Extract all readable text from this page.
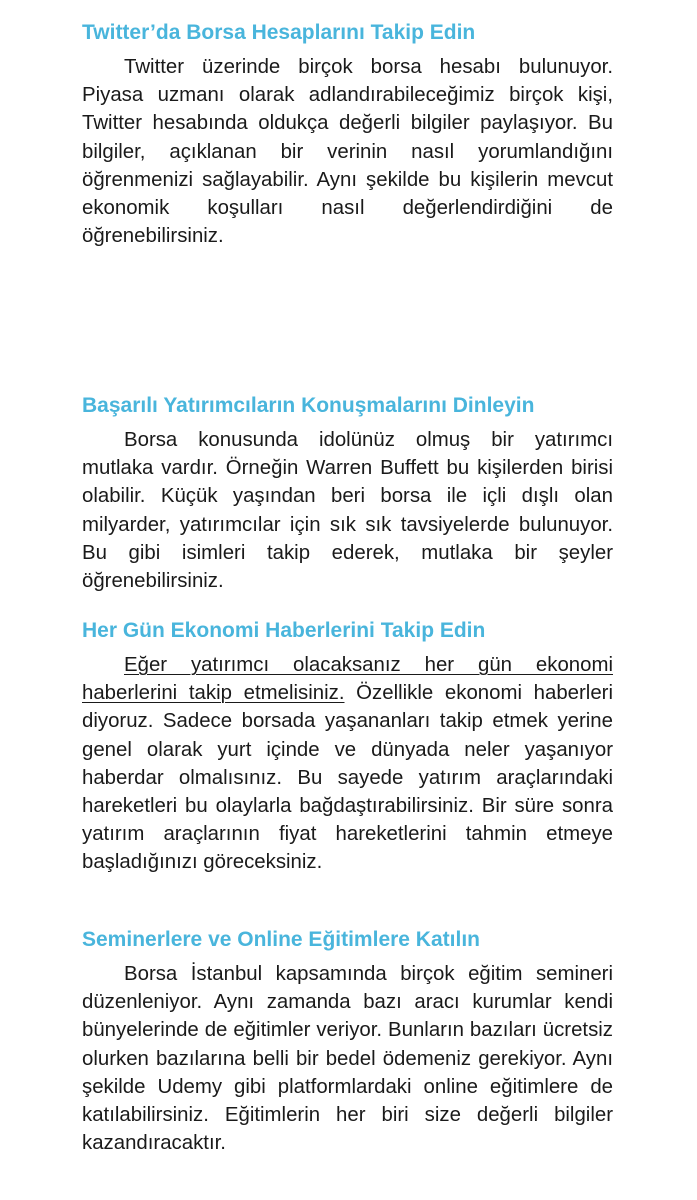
Twitter’da Borsa Hesaplarını Takip Edin

Twitter üzerinde birçok borsa hesabı bulunuyor. Piyasa uzmanı olarak adlandırabileceğimiz birçok kişi, Twitter hesabında oldukça değerli bilgiler paylaşıyor. Bu bilgiler, açıklanan bir verinin nasıl yorumlandığını öğrenmenizi sağlayabilir. Aynı şekilde bu kişilerin mevcut ekonomik koşulları nasıl değerlendirdiğini de öğrenebilirsiniz.

Başarılı Yatırımcıların Konuşmalarını Dinleyin

Borsa konusunda idolünüz olmuş bir yatırımcı mutlaka vardır. Örneğin Warren Buffett bu kişilerden birisi olabilir. Küçük yaşından beri borsa ile içli dışlı olan milyarder, yatırımcılar için sık sık tavsiyelerde bulunuyor. Bu gibi isimleri takip ederek, mutlaka bir şeyler öğrenebilirsiniz.

Her Gün Ekonomi Haberlerini Takip Edin

Eğer yatırımcı olacaksanız her gün ekonomi haberlerini takip etmelisiniz. Özellikle ekonomi haberleri diyoruz. Sadece borsada yaşananları takip etmek yerine genel olarak yurt içinde ve dünyada neler yaşanıyor haberdar olmalısınız. Bu sayede yatırım araçlarındaki hareketleri bu olaylarla bağdaştırabilirsiniz. Bir süre sonra yatırım araçlarının fiyat hareketlerini tahmin etmeye başladığınızı göreceksiniz.

Seminerlere ve Online Eğitimlere Katılın

Borsa İstanbul kapsamında birçok eğitim semineri düzenleniyor. Aynı zamanda bazı aracı kurumlar kendi bünyelerinde de eğitimler veriyor. Bunların bazıları ücretsiz olurken bazılarına belli bir bedel ödemeniz gerekiyor. Aynı şekilde Udemy gibi platformlardaki online eğitimlere de katılabilirsiniz. Eğitimlerin her biri size değerli bilgiler kazandıracaktır.
